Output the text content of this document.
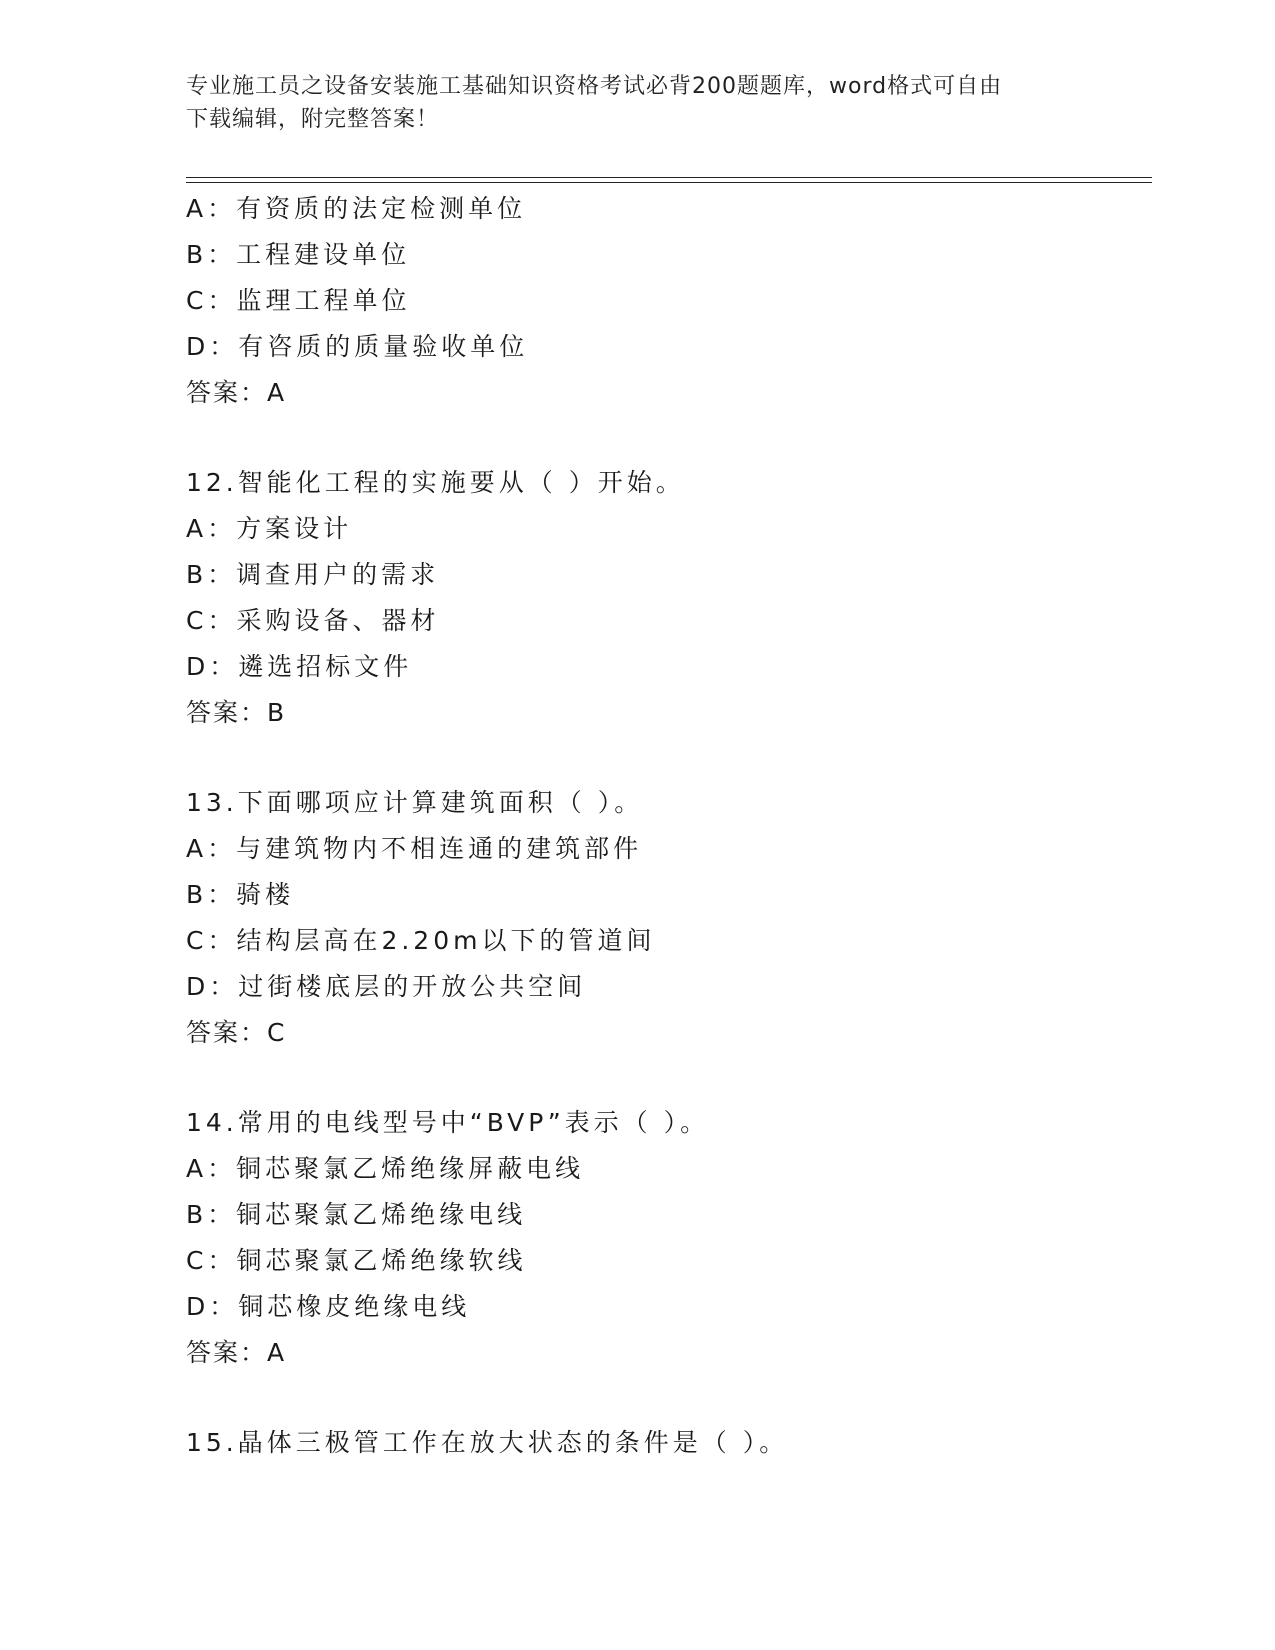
专业施工员之设备安装施工基础知识资格考试必背200题题库，word格式可自由
下载编辑，附完整答案！
A：有资质的法定检测单位
B：工程建设单位
C：监理工程单位
D：有咨质的质量验收单位
答案：A
12.智能化工程的实施要从（ ）开始。
A：方案设计
B：调查用户的需求
C：采购设备、器材
D：遴选招标文件
答案：B
13.下面哪项应计算建筑面积（ ）。
A：与建筑物内不相连通的建筑部件
B：骑楼
C：结构层高在2.20m以下的管道间
D：过街楼底层的开放公共空间
答案：C
14.常用的电线型号中“BVP”表示（ ）。
A：铜芯聚氯乙烯绝缘屏蔽电线
B：铜芯聚氯乙烯绝缘电线
C：铜芯聚氯乙烯绝缘软线
D：铜芯橡皮绝缘电线
答案：A
15.晶体三极管工作在放大状态的条件是（ ）。
